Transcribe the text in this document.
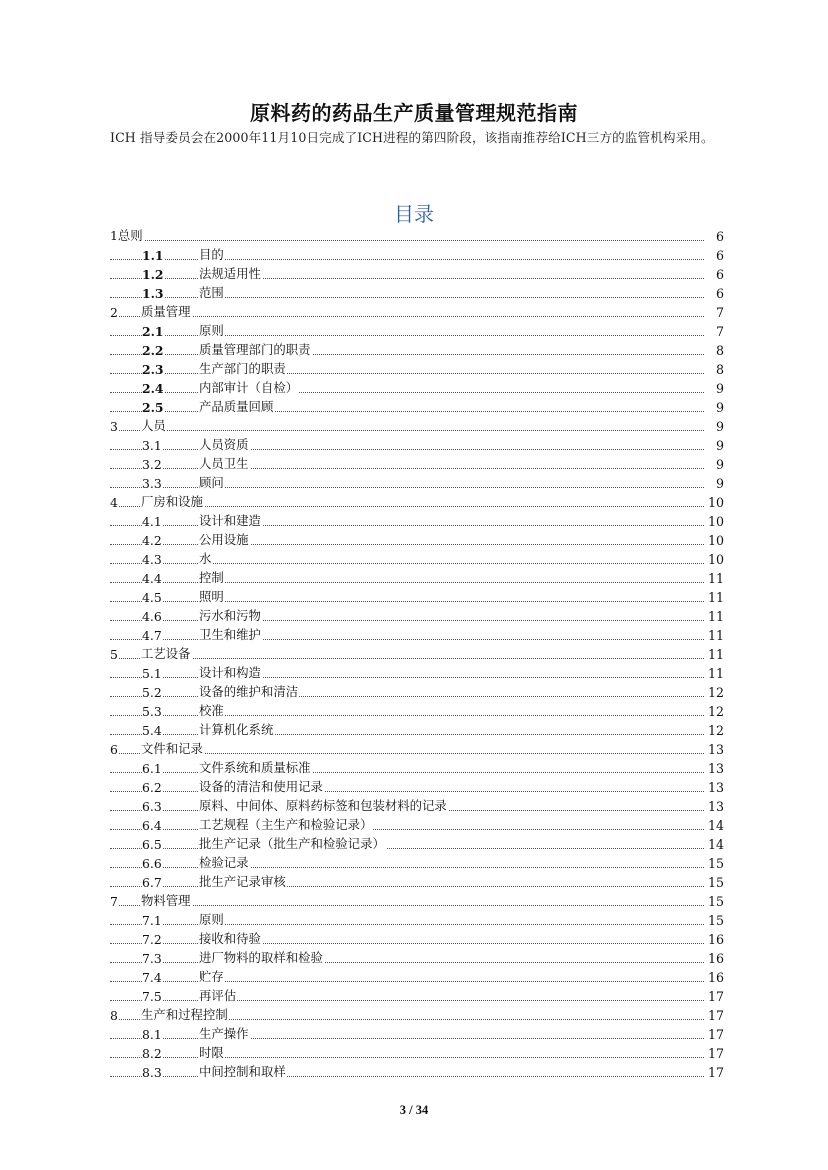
原料药的药品生产质量管理规范指南
ICH 指导委员会在2000年11月10日完成了ICH进程的第四阶段，该指南推荐给ICH三方的监管机构采用。
目录
1总则	6
1.1	目的	6
1.2	法规适用性	6
1.3	范围	6
2 质量管理	7
2.1	原则	7
2.2	质量管理部门的职责	8
2.3	生产部门的职责	8
2.4	内部审计（自检）	9
2.5	产品质量回顾	9
3 人员	9
3.1	人员资质	9
3.2	人员卫生	9
3.3	顾问	9
4 厂房和设施	10
4.1	设计和建造	10
4.2	公用设施	10
4.3	水	10
4.4	控制	11
4.5	照明	11
4.6	污水和污物	11
4.7	卫生和维护	11
5 工艺设备	11
5.1	设计和构造	11
5.2	设备的维护和清洁	12
5.3	校准	12
5.4	计算机化系统	12
6 文件和记录	13
6.1	文件系统和质量标准	13
6.2	设备的清洁和使用记录	13
6.3	原料、中间体、原料药标签和包装材料的记录	13
6.4	工艺规程（主生产和检验记录）	14
6.5	批生产记录（批生产和检验记录）	14
6.6	检验记录	15
6.7	批生产记录审核	15
7 物料管理	15
7.1	原则	15
7.2	接收和待验	16
7.3	进厂物料的取样和检验	16
7.4	贮存	16
7.5	再评估	17
8 生产和过程控制	17
8.1	生产操作	17
8.2	时限	17
8.3	中间控制和取样	17
3 / 34
